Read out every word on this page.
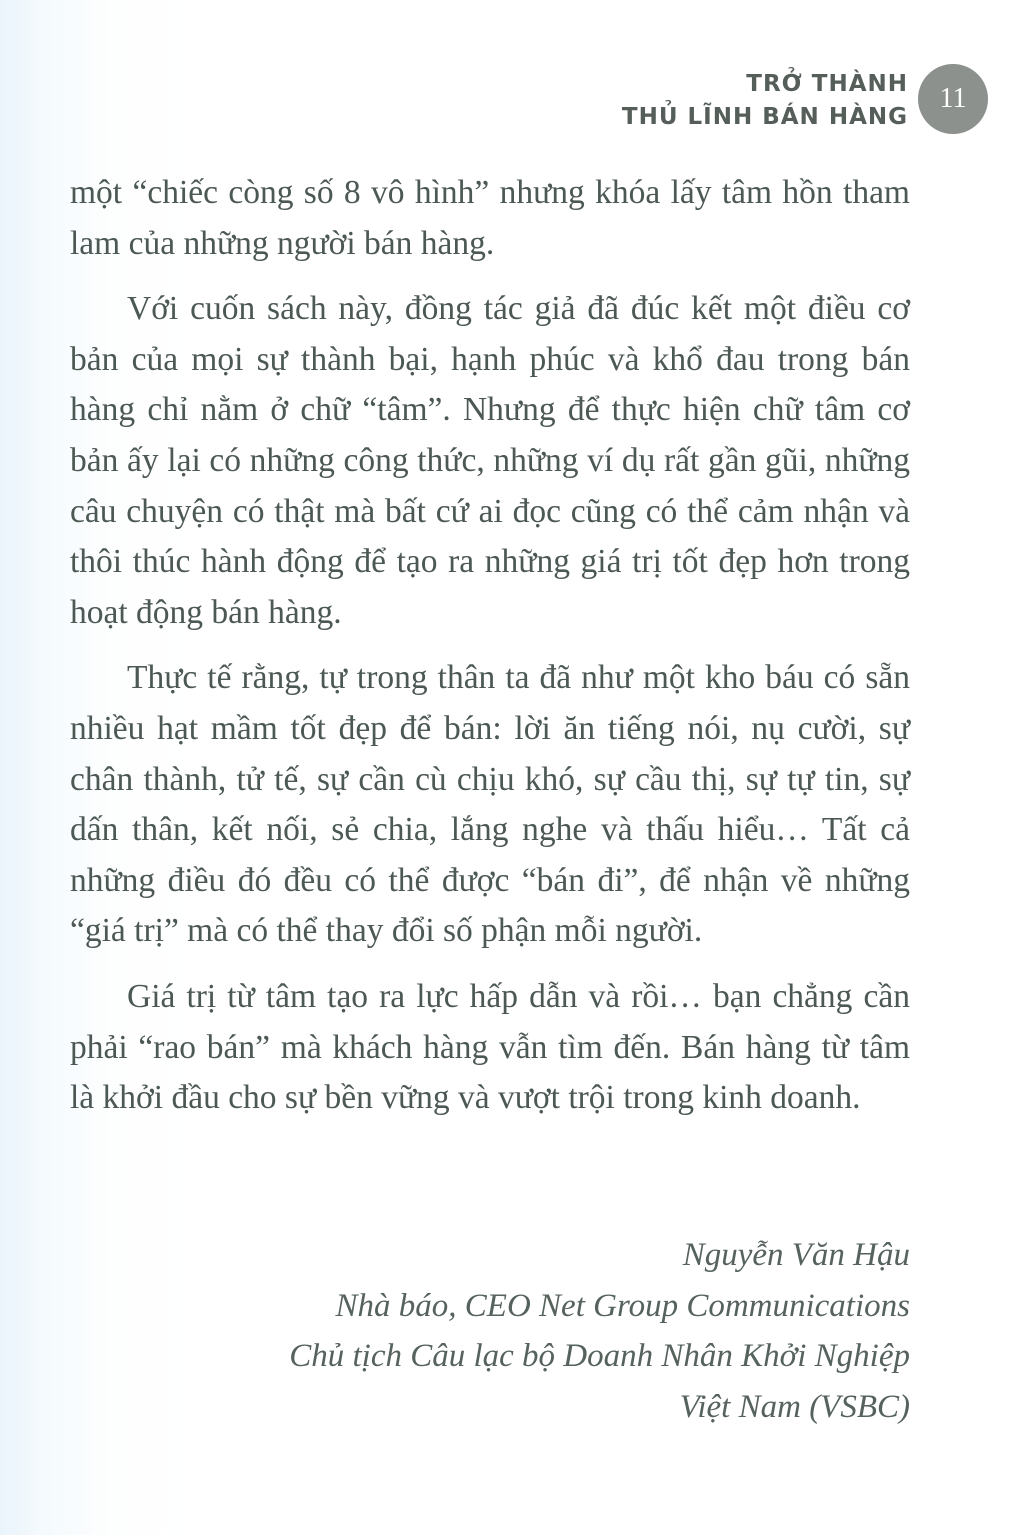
TRỞ THÀNH
THỦ LĨNH BÁN HÀNG
11

một “chiếc còng số 8 vô hình” nhưng khóa lấy tâm hồn tham lam của những người bán hàng.

Với cuốn sách này, đồng tác giả đã đúc kết một điều cơ bản của mọi sự thành bại, hạnh phúc và khổ đau trong bán hàng chỉ nằm ở chữ “tâm”. Nhưng để thực hiện chữ tâm cơ bản ấy lại có những công thức, những ví dụ rất gần gũi, những câu chuyện có thật mà bất cứ ai đọc cũng có thể cảm nhận và thôi thúc hành động để tạo ra những giá trị tốt đẹp hơn trong hoạt động bán hàng.

Thực tế rằng, tự trong thân ta đã như một kho báu có sẵn nhiều hạt mầm tốt đẹp để bán: lời ăn tiếng nói, nụ cười, sự chân thành, tử tế, sự cần cù chịu khó, sự cầu thị, sự tự tin, sự dấn thân, kết nối, sẻ chia, lắng nghe và thấu hiểu… Tất cả những điều đó đều có thể được “bán đi”, để nhận về những “giá trị” mà có thể thay đổi số phận mỗi người.

Giá trị từ tâm tạo ra lực hấp dẫn và rồi… bạn chẳng cần phải “rao bán” mà khách hàng vẫn tìm đến. Bán hàng từ tâm là khởi đầu cho sự bền vững và vượt trội trong kinh doanh.

Nguyễn Văn Hậu
Nhà báo, CEO Net Group Communications
Chủ tịch Câu lạc bộ Doanh Nhân Khởi Nghiệp
Việt Nam (VSBC)
